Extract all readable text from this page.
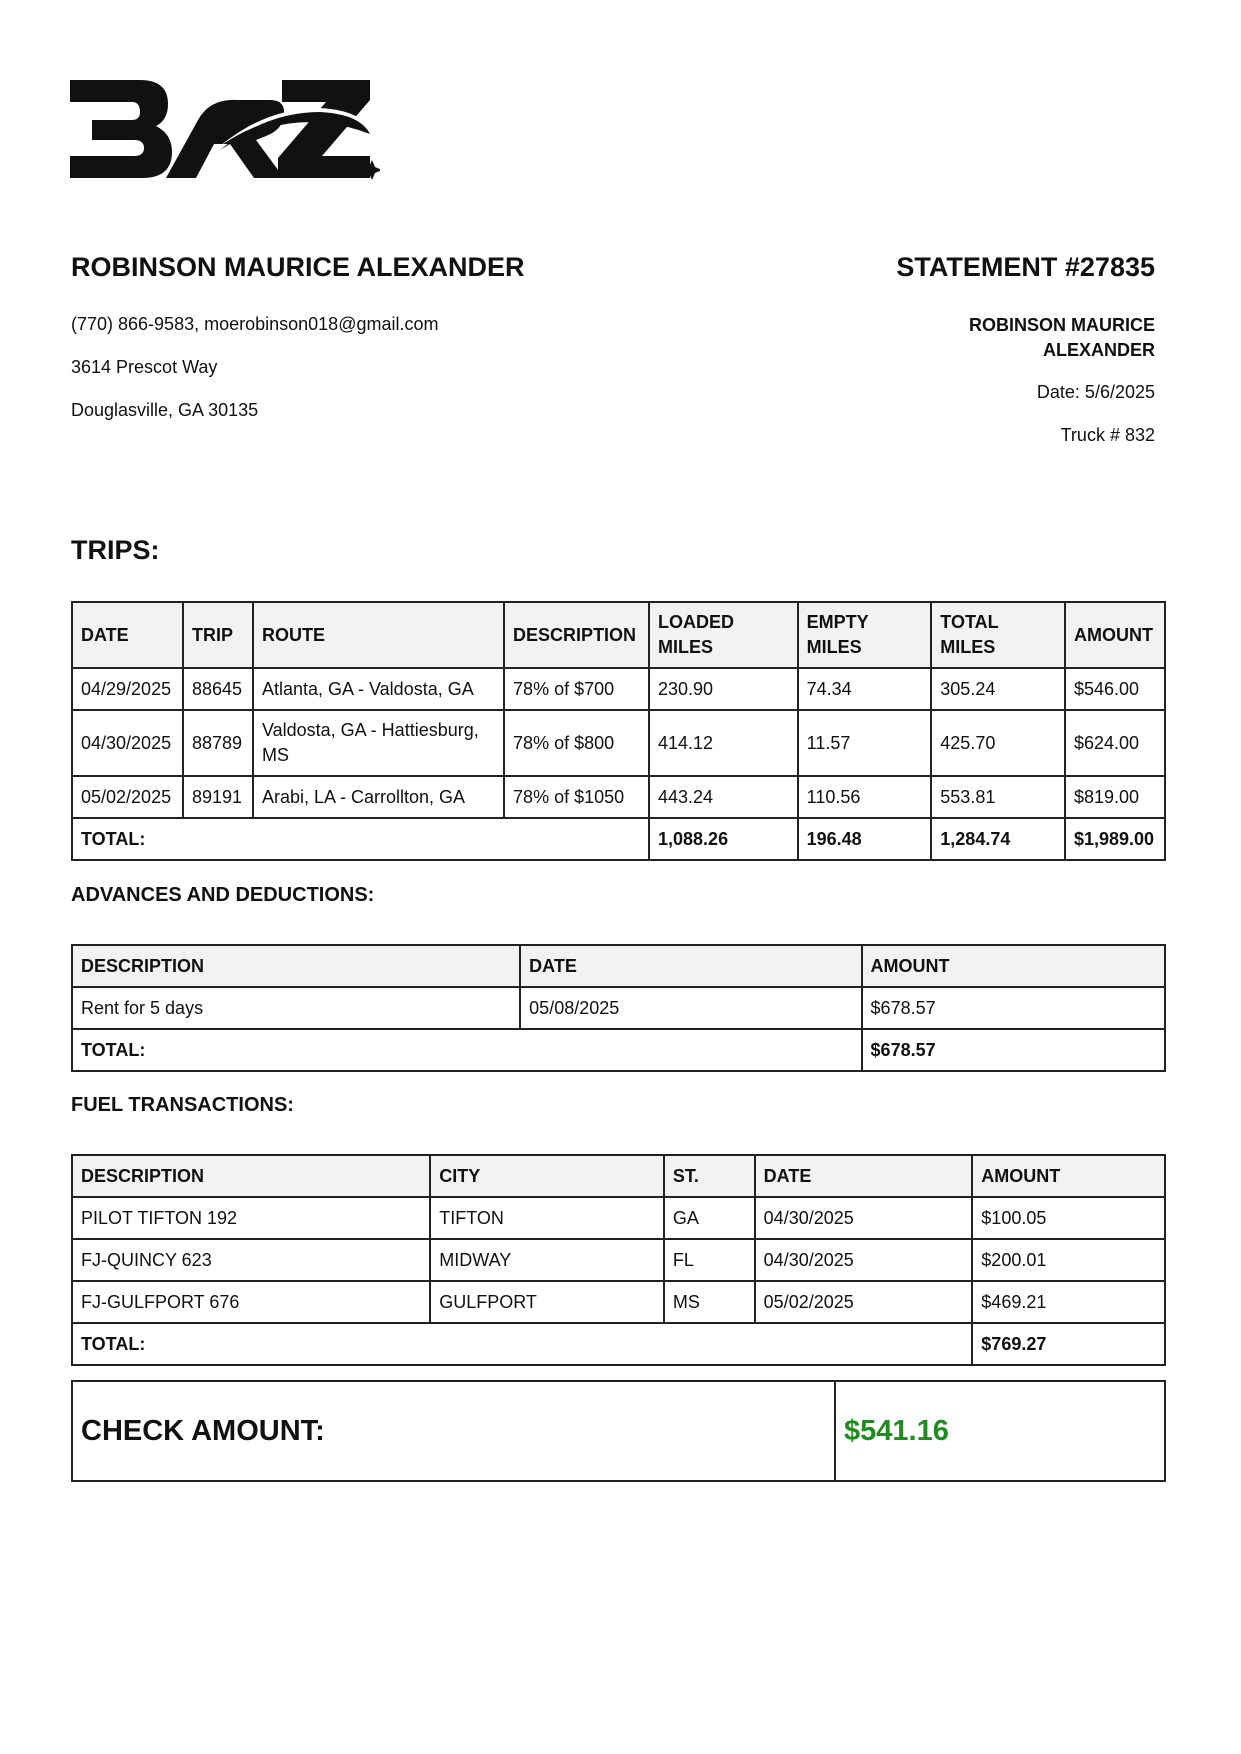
ROBINSON MAURICE ALEXANDER

(770) 866-9583, moerobinson018@gmail.com

3614 Prescot Way

Douglasville, GA 30135

STATEMENT #27835

ROBINSON MAURICE ALEXANDER

Date: 5/6/2025

Truck # 832

TRIPS:
DATE	TRIP	ROUTE	DESCRIPTION	LOADED MILES	EMPTY MILES	TOTAL MILES	AMOUNT
04/29/2025	88645	Atlanta, GA - Valdosta, GA	78% of $700	230.90	74.34	305.24	$546.00
04/30/2025	88789	Valdosta, GA - Hattiesburg, MS	78% of $800	414.12	11.57	425.70	$624.00
05/02/2025	89191	Arabi, LA - Carrollton, GA	78% of $1050	443.24	110.56	553.81	$819.00
TOTAL:				1,088.26	196.48	1,284.74	$1,989.00
ADVANCES AND DEDUCTIONS:
DESCRIPTION	DATE	AMOUNT
Rent for 5 days	05/08/2025	$678.57
TOTAL:		$678.57
FUEL TRANSACTIONS:
DESCRIPTION	CITY	ST.	DATE	AMOUNT
PILOT TIFTON 192	TIFTON	GA	04/30/2025	$100.05
FJ-QUINCY 623	MIDWAY	FL	04/30/2025	$200.01
FJ-GULFPORT 676	GULFPORT	MS	05/02/2025	$469.21
TOTAL:				$769.27
CHECK AMOUNT:	$541.16
